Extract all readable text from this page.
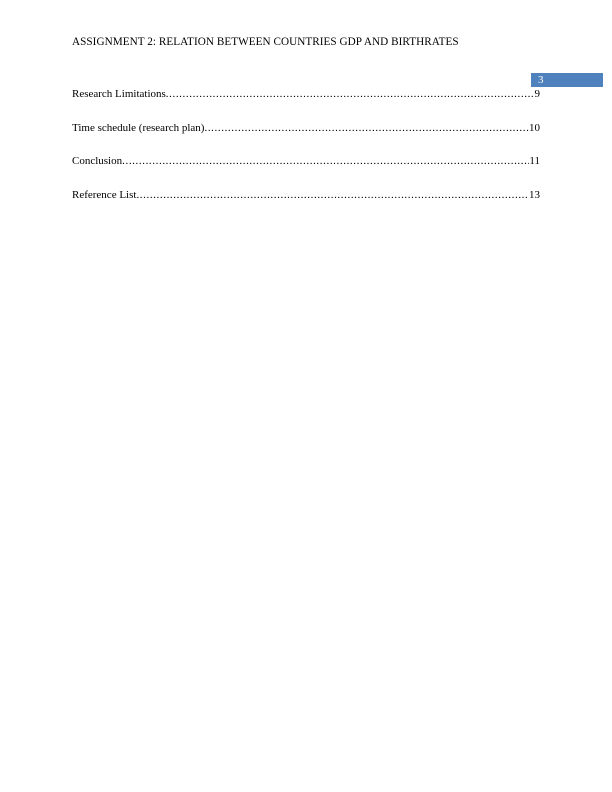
ASSIGNMENT 2: RELATION BETWEEN COUNTRIES GDP AND BIRTHRATES
3
Research Limitations .....	9
Time schedule (research plan) .....	10
Conclusion .....	11
Reference List .....	13
